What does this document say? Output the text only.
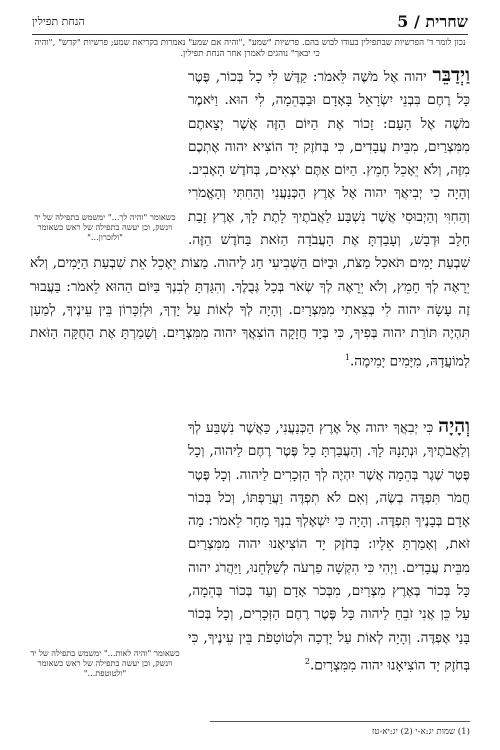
שחרית / 5
הנחת תפילין
נכון לומר ד' הפרשיות שבתפילין בעודו לבוש בהם. פרשיות "שמע" ,"והיה אם שמע" נאמרות בקריאת שמע; פרשיות "קדש" ,"והיה כי יבאך" נוהגים לאמרן אחר הנחת תפילין.
כשאומר "והיה לך..." ימשמש בתפילה של יד ויִנשק, וכן יעשה בתפילה של ראש כשאומר "ולזכרון..."
וַיְדַבֵּר יהוה אֶל מֹשֶׁה לֵּאמֹר: קַדֶּשׁ לִי כָל בְּכוֹר, פֶּטֶר כָּל רֶחֶם בִּבְנֵי יִשְׂרָאֵל בָּאָדָם וּבַבְּהֵמָה, לִי הוּא. וַיֹּאמֶר מֹשֶׁה אֶל הָעָם: זָכוֹר אֶת הַיּוֹם הַזֶּה אֲשֶׁר יְצָאתֶם מִמִּצְרַיִם, מִבֵּית עֲבָדִים, כִּי בְּחֹזֶק יָד הוֹצִיא יהוה אֶתְכֶם מִזֶּה, וְלֹא יֵאָכֵל חָמֵץ. הַיּוֹם אַתֶּם יֹצְאִים, בְּחֹדֶשׁ הָאָבִיב. וְהָיָה כִי יְבִיאֲךָ יהוה אֶל אֶרֶץ הַכְּנַעֲנִי וְהַחִתִּי וְהָאֱמֹרִי וְהַחִוִּי וְהַיְבוּסִי אֲשֶׁר נִשְׁבַּע לַאֲבֹתֶיךָ לָתֶת לָךְ, אֶרֶץ זָבַת חָלָב וּדְבָשׁ, וְעָבַדְתָּ אֶת הָעֲבֹדָה הַזֹּאת בַּחֹדֶשׁ הַזֶּה. שִׁבְעַת יָמִים תֹּאכַל מַצֹּת, וּבַיּוֹם הַשְּׁבִיעִי חַג לַיהוה. מַצּוֹת יֵאָכֵל אֵת שִׁבְעַת הַיָּמִים, וְלֹא יֵרָאֶה לְךָ חָמֵץ, וְלֹא יֵרָאֶה לְךָ שְׂאֹר בְּכָל גְּבֻלֶךָ. וְהִגַּדְתָּ לְבִנְךָ בַּיּוֹם הַהוּא לֵאמֹר: בַּעֲבוּר זֶה עָשָׂה יהוה לִי בְּצֵאתִי מִמִּצְרָיִם. וְהָיָה לְךָ לְאוֹת עַל יָדְךָ, וּלְזִכָּרוֹן בֵּין עֵינֶיךָ, לְמַעַן תִּהְיֶה תּוֹרַת יהוה בְּפִיךָ, כִּי בְּיָד חֲזָקָה הוֹצִאֲךָ יהוה מִמִּצְרָיִם. וְשָׁמַרְתָּ אֶת הַחֻקָּה הַזֹּאת לְמוֹעֲדָהּ, מִיָּמִים יָמִימָה.$^1$
כשאומר "והיה לאות..." ימשמש בתפילה של יד ויִנשק, וכן יעשה בתפילה של ראש כשאומר "ולטוטפת..."
וְהָיָה כִּי יְבִאֲךָ יהוה אֶל אֶרֶץ הַכְּנַעֲנִי, כַּאֲשֶׁר נִשְׁבַּע לְךָ וְלַאֲבֹתֶיךָ, וּנְתָנָהּ לָךְ. וְהַעֲבַרְתָּ כָל פֶּטֶר רֶחֶם לַיהוה, וְכָל פֶּטֶר שֶׁגֶר בְּהֵמָה אֲשֶׁר יִהְיֶה לְךָ הַזְּכָרִים לַיהוה. וְכָל פֶּטֶר חֲמֹר תִּפְדֶּה בְשֶׂה, וְאִם לֹא תִפְדֶּה וַעֲרַפְתּוֹ, וְכֹל בְּכוֹר אָדָם בְּבָנֶיךָ תִּפְדֶּה. וְהָיָה כִּי יִשְׁאָלְךָ בִנְךָ מָחָר לֵאמֹר: מַה זֹּאת, וְאָמַרְתָּ אֵלָיו: בְּחֹזֶק יָד הוֹצִיאָנוּ יהוה מִמִּצְרַיִם מִבֵּית עֲבָדִים. וַיְהִי כִּי הִקְשָׁה פַרְעֹה לְשַׁלְּחֵנוּ, וַיַּהֲרֹג יהוה כָּל בְּכוֹר בְּאֶרֶץ מִצְרַיִם, מִבְּכֹר אָדָם וְעַד בְּכוֹר בְּהֵמָה, עַל כֵּן אֲנִי זֹבֵחַ לַיהוה כָּל פֶּטֶר רֶחֶם הַזְּכָרִים, וְכָל בְּכוֹר בָּנַי אֶפְדֶּה. וְהָיָה לְאוֹת עַל יָדְכָה וּלְטוֹטָפֹת בֵּין עֵינֶיךָ, כִּי בְּחֹזֶק יָד הוֹצִיאָנוּ יהוה מִמִּצְרָיִם.$^2$
(1) שמות יג:א-י (2) יג:יא-טז
